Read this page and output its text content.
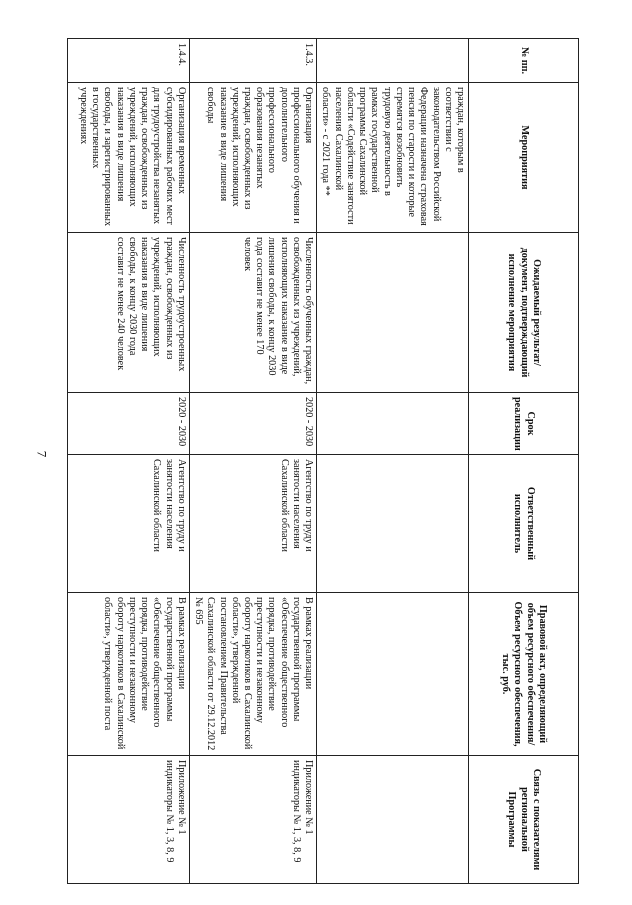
7
№ пп.	Мероприятия	Ожидаемый результат/документ, подтверждающий исполнение мероприятия	Срок реализации	Ответственный исполнитель	Правовой акт, определяющий объем ресурсного обеспечения/Объем ресурсного обеспечения, тыс. руб.	Связь с показателями региональной Программы
	граждан, которым в соответствии с законодательством Российской Федерации назначена страховая пенсия по старости и которые стремятся возобновить трудовую деятельность в рамках государственной программы Сахалинской области «Содействие занятости населения Сахалинской области» - с 2021 года **					
1.4.3.	Организация профессионального обучения и дополнительного профессионального образования незанятых граждан, освобожденных из учреждений, исполняющих наказание в виде лишения свободы	Численность обученных граждан, освобожденных из учреждений, исполняющих наказание в виде лишения свободы, к концу 2030 года составит не менее 170 человек	2020 - 2030	Агентство по труду и занятости населения Сахалинской области	В рамках реализации государственной программы «Обеспечение общественного порядка, противодействие преступности и незаконному обороту наркотиков в Сахалинской области», утвержденной постановлением Правительства Сахалинской области от 29.12.2012 № 695	Приложение № 1 индикаторы № 1, 3, 8, 9
1.4.4.	Организация временных субсидированных рабочих мест для трудоустройства незанятых граждан, освобожденных из учреждений, исполняющих наказания в виде лишения свободы, и зарегистрированных в государственных учреждениях	Численность трудоустроенных граждан, освобожденных из учреждений, исполняющих наказания в виде лишения свободы, к концу 2030 года составит не менее 240 человек	2020 - 2030	Агентство по труду и занятости населения Сахалинской области	В рамках реализации государственной программы «Обеспечение общественного порядка, противодействие преступности и незаконному обороту наркотиков в Сахалинской области», утвержденной поста	Приложение № 1 индикаторы № 1, 3, 8, 9
